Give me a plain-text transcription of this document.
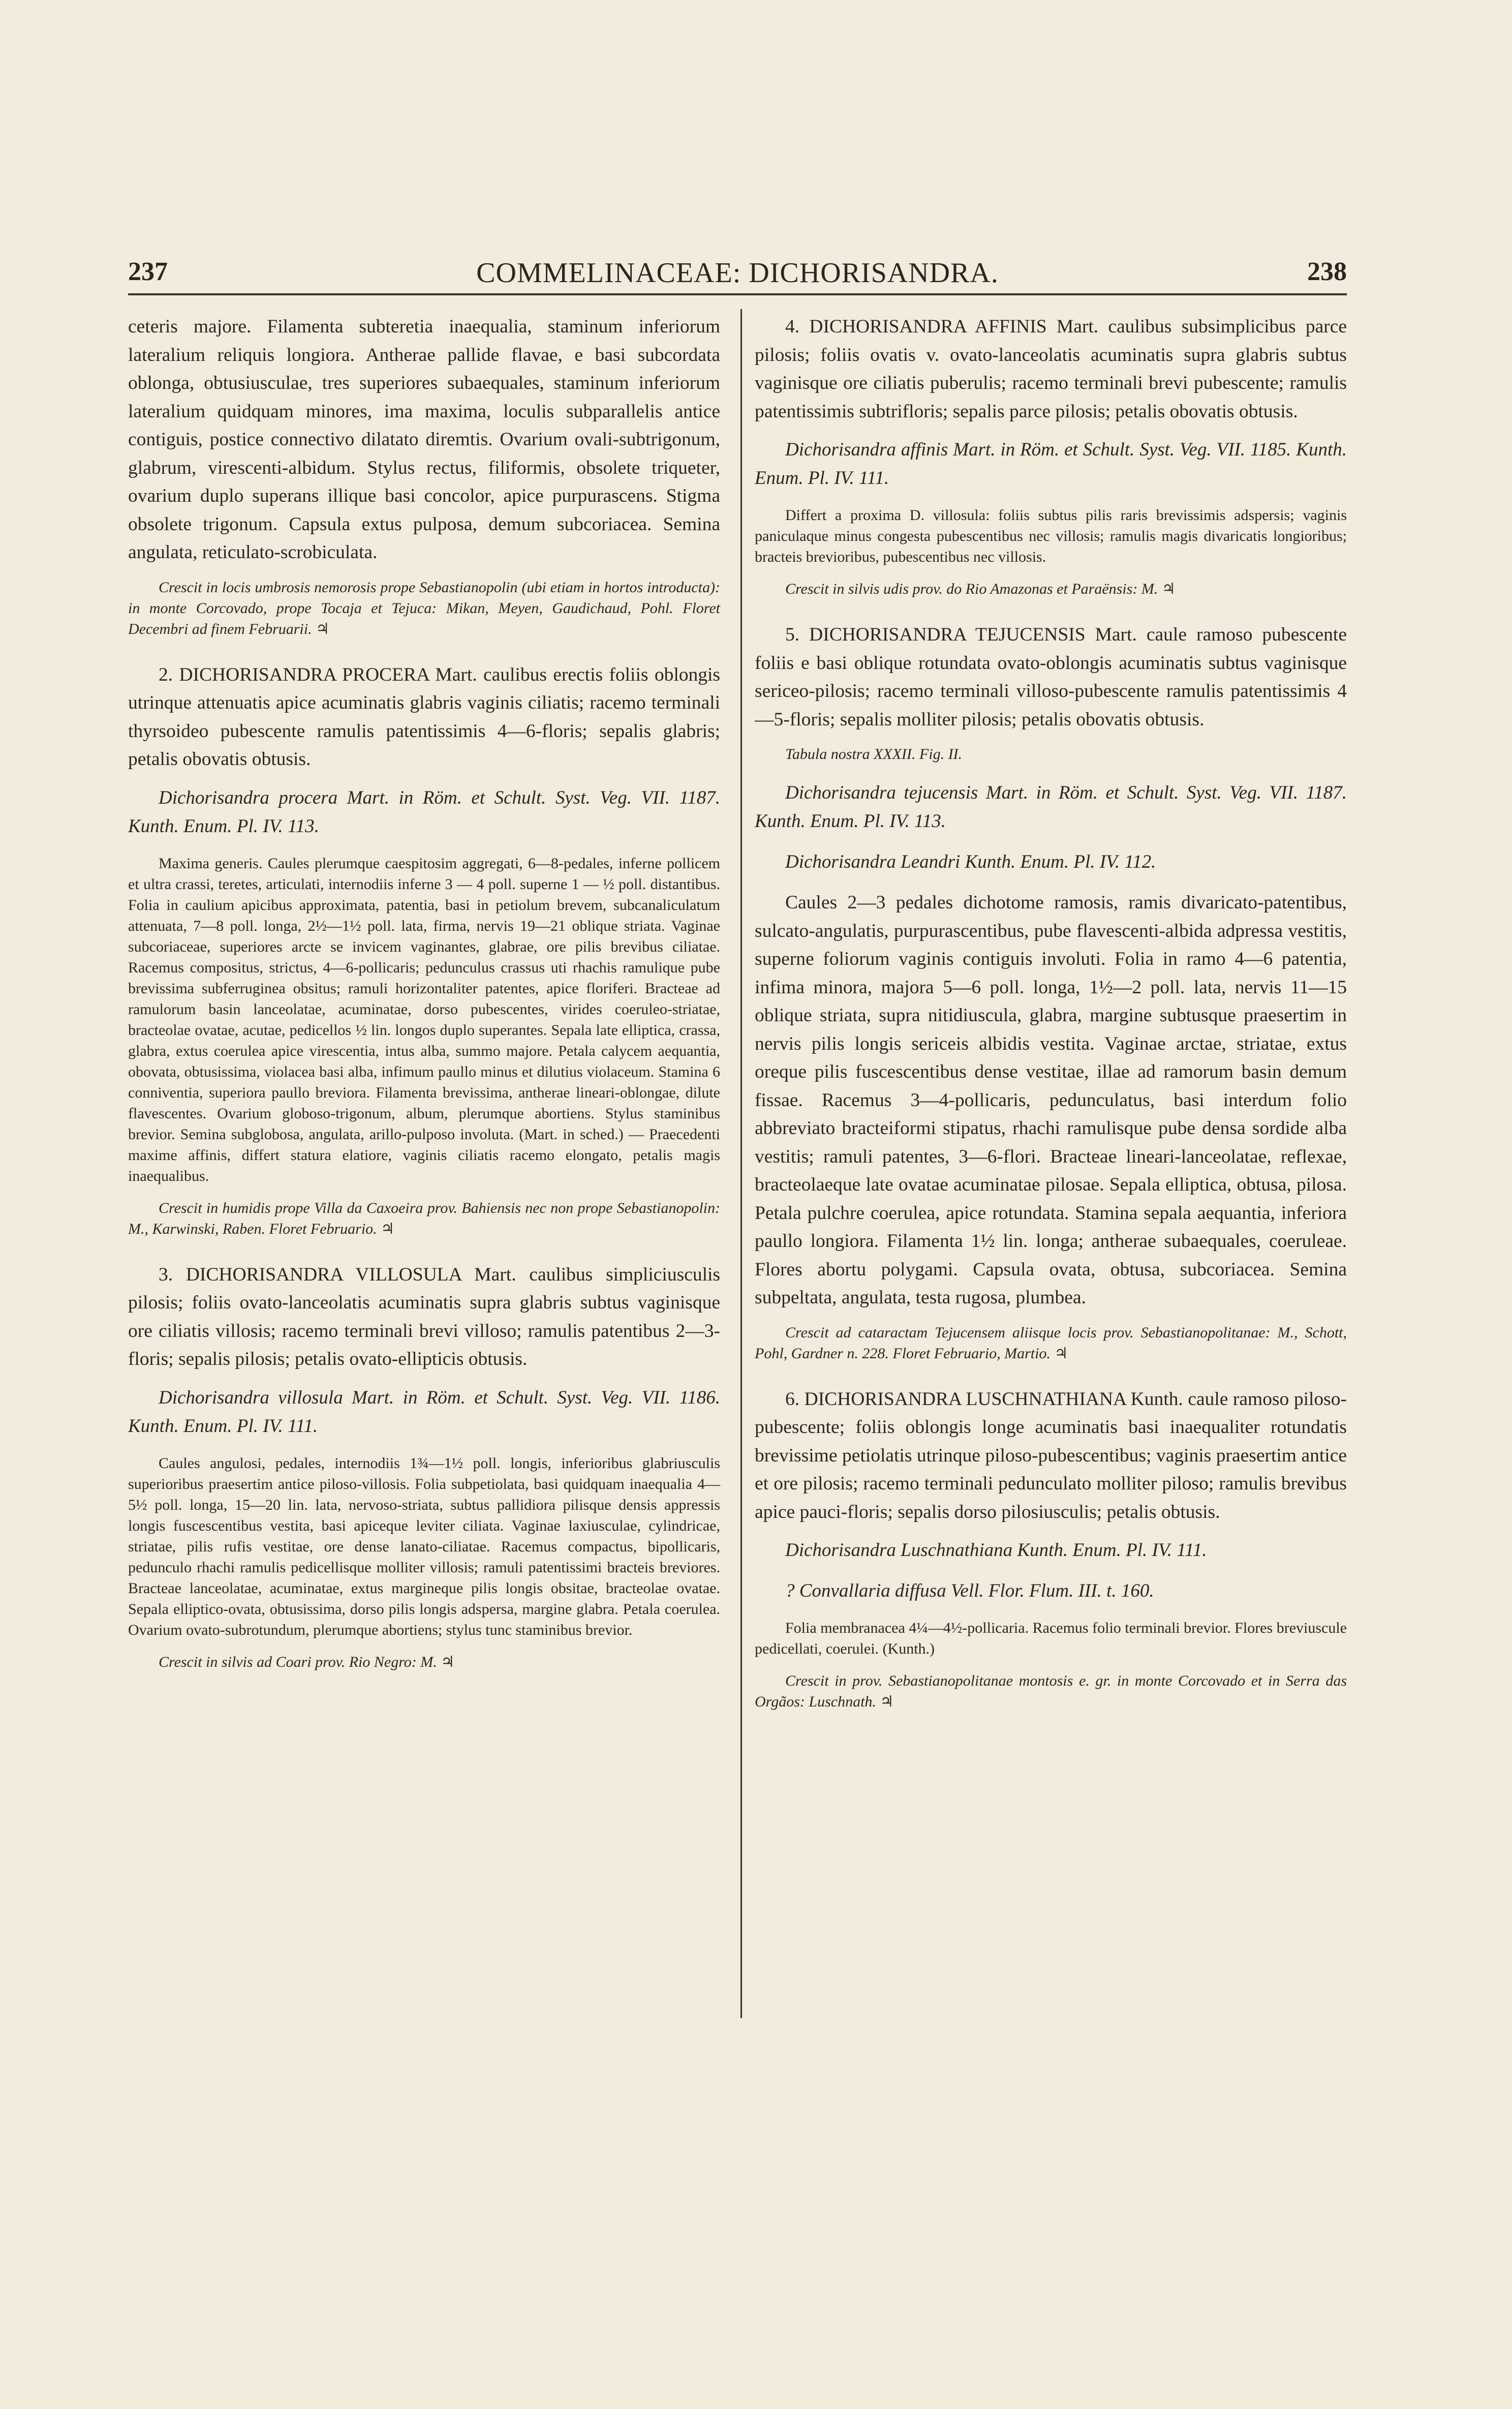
237	COMMELINACEAE: DICHORISANDRA.	238

ceteris majore. Filamenta subteretia inaequalia, staminum inferiorum lateralium reliquis longiora. Antherae pallide flavae, e basi subcordata oblonga, obtusiusculae, tres superiores subaequales, staminum inferiorum lateralium quidquam minores, ima maxima, loculis subparallelis antice contiguis, postice connectivo dilatato diremtis. Ovarium ovali-subtrigonum, glabrum, virescenti-albidum. Stylus rectus, filiformis, obsolete triqueter, ovarium duplo superans illique basi concolor, apice purpurascens. Stigma obsolete trigonum. Capsula extus pulposa, demum subcoriacea. Semina angulata, reticulato-scrobiculata.

Crescit in locis umbrosis nemorosis prope Sebastianopolin (ubi etiam in hortos introducta): in monte Corcovado, prope Tocaja et Tejuca: Mikan, Meyen, Gaudichaud, Pohl. Floret Decembri ad finem Februarii. ♃

2. DICHORISANDRA PROCERA Mart. caulibus erectis foliis oblongis utrinque attenuatis apice acuminatis glabris vaginis ciliatis; racemo terminali thyrsoideo pubescente ramulis patentissimis 4—6-floris; sepalis glabris; petalis obovatis obtusis.

Dichorisandra procera Mart. in Röm. et Schult. Syst. Veg. VII. 1187. Kunth. Enum. Pl. IV. 113.

Maxima generis. Caules plerumque caespitosim aggregati, 6—8-pedales, inferne pollicem et ultra crassi, teretes, articulati, internodiis inferne 3 — 4 poll. superne 1 — ½ poll. distantibus. Folia in caulium apicibus approximata, patentia, basi in petiolum brevem, subcanaliculatum attenuata, 7—8 poll. longa, 2½—1½ poll. lata, firma, nervis 19—21 oblique striata. Vaginae subcoriaceae, superiores arcte se invicem vaginantes, glabrae, ore pilis brevibus ciliatae. Racemus compositus, strictus, 4—6-pollicaris; pedunculus crassus uti rhachis ramulique pube brevissima subferruginea obsitus; ramuli horizontaliter patentes, apice floriferi. Bracteae ad ramulorum basin lanceolatae, acuminatae, dorso pubescentes, virides coeruleo-striatae, bracteolae ovatae, acutae, pedicellos ½ lin. longos duplo superantes. Sepala late elliptica, crassa, glabra, extus coerulea apice virescentia, intus alba, summo majore. Petala calycem aequantia, obovata, obtusissima, violacea basi alba, infimum paullo minus et dilutius violaceum. Stamina 6 conniventia, superiora paullo breviora. Filamenta brevissima, antherae lineari-oblongae, dilute flavescentes. Ovarium globoso-trigonum, album, plerumque abortiens. Stylus staminibus brevior. Semina subglobosa, angulata, arillo-pulposo involuta. (Mart. in sched.) — Praecedenti maxime affinis, differt statura elatiore, vaginis ciliatis racemo elongato, petalis magis inaequalibus.

Crescit in humidis prope Villa da Caxoeira prov. Bahiensis nec non prope Sebastianopolin: M., Karwinski, Raben. Floret Februario. ♃

3. DICHORISANDRA VILLOSULA Mart. caulibus simpliciusculis pilosis; foliis ovato-lanceolatis acuminatis supra glabris subtus vaginisque ore ciliatis villosis; racemo terminali brevi villoso; ramulis patentibus 2—3-floris; sepalis pilosis; petalis ovato-ellipticis obtusis.

Dichorisandra villosula Mart. in Röm. et Schult. Syst. Veg. VII. 1186. Kunth. Enum. Pl. IV. 111.

Caules angulosi, pedales, internodiis 1¾—1½ poll. longis, inferioribus glabriusculis superioribus praesertim antice piloso-villosis. Folia subpetiolata, basi quidquam inaequalia 4—5½ poll. longa, 15—20 lin. lata, nervoso-striata, subtus pallidiora pilisque densis appressis longis fuscescentibus vestita, basi apiceque leviter ciliata. Vaginae laxiusculae, cylindricae, striatae, pilis rufis vestitae, ore dense lanato-ciliatae. Racemus compactus, bipollicaris, pedunculo rhachi ramulis pedicellisque molliter villosis; ramuli patentissimi bracteis breviores. Bracteae lanceolatae, acuminatae, extus margineque pilis longis obsitae, bracteolae ovatae. Sepala elliptico-ovata, obtusissima, dorso pilis longis adspersa, margine glabra. Petala coerulea. Ovarium ovato-subrotundum, plerumque abortiens; stylus tunc staminibus brevior.

Crescit in silvis ad Coari prov. Rio Negro: M. ♃

4. DICHORISANDRA AFFINIS Mart. caulibus subsimplicibus parce pilosis; foliis ovatis v. ovato-lanceolatis acuminatis supra glabris subtus vaginisque ore ciliatis puberulis; racemo terminali brevi pubescente; ramulis patentissimis subtrifloris; sepalis parce pilosis; petalis obovatis obtusis.

Dichorisandra affinis Mart. in Röm. et Schult. Syst. Veg. VII. 1185. Kunth. Enum. Pl. IV. 111.

Differt a proxima D. villosula: foliis subtus pilis raris brevissimis adspersis; vaginis paniculaque minus congesta pubescentibus nec villosis; ramulis magis divaricatis longioribus; bracteis brevioribus, pubescentibus nec villosis.

Crescit in silvis udis prov. do Rio Amazonas et Paraënsis: M. ♃

5. DICHORISANDRA TEJUCENSIS Mart. caule ramoso pubescente foliis e basi oblique rotundata ovato-oblongis acuminatis subtus vaginisque sericeo-pilosis; racemo terminali villoso-pubescente ramulis patentissimis 4—5-floris; sepalis molliter pilosis; petalis obovatis obtusis.

Tabula nostra XXXII. Fig. II.

Dichorisandra tejucensis Mart. in Röm. et Schult. Syst. Veg. VII. 1187. Kunth. Enum. Pl. IV. 113.

Dichorisandra Leandri Kunth. Enum. Pl. IV. 112.

Caules 2—3 pedales dichotome ramosis, ramis divaricato-patentibus, sulcato-angulatis, purpurascentibus, pube flavescenti-albida adpressa vestitis, superne foliorum vaginis contiguis involuti. Folia in ramo 4—6 patentia, infima minora, majora 5—6 poll. longa, 1½—2 poll. lata, nervis 11—15 oblique striata, supra nitidiuscula, glabra, margine subtusque praesertim in nervis pilis longis sericeis albidis vestita. Vaginae arctae, striatae, extus oreque pilis fuscescentibus dense vestitae, illae ad ramorum basin demum fissae. Racemus 3—4-pollicaris, pedunculatus, basi interdum folio abbreviato bracteiformi stipatus, rhachi ramulisque pube densa sordide alba vestitis; ramuli patentes, 3—6-flori. Bracteae lineari-lanceolatae, reflexae, bracteolaeque late ovatae acuminatae pilosae. Sepala elliptica, obtusa, pilosa. Petala pulchre coerulea, apice rotundata. Stamina sepala aequantia, inferiora paullo longiora. Filamenta 1½ lin. longa; antherae subaequales, coeruleae. Flores abortu polygami. Capsula ovata, obtusa, subcoriacea. Semina subpeltata, angulata, testa rugosa, plumbea.

Crescit ad cataractam Tejucensem aliisque locis prov. Sebastianopolitanae: M., Schott, Pohl, Gardner n. 228. Floret Februario, Martio. ♃

6. DICHORISANDRA LUSCHNATHIANA Kunth. caule ramoso piloso-pubescente; foliis oblongis longe acuminatis basi inaequaliter rotundatis brevissime petiolatis utrinque piloso-pubescentibus; vaginis praesertim antice et ore pilosis; racemo terminali pedunculato molliter piloso; ramulis brevibus apice pauci-floris; sepalis dorso pilosiusculis; petalis obtusis.

Dichorisandra Luschnathiana Kunth. Enum. Pl. IV. 111.

? Convallaria diffusa Vell. Flor. Flum. III. t. 160.

Folia membranacea 4¼—4½-pollicaria. Racemus folio terminali brevior. Flores breviuscule pedicellati, coerulei. (Kunth.)

Crescit in prov. Sebastianopolitanae montosis e. gr. in monte Corcovado et in Serra das Orgãos: Luschnath. ♃
